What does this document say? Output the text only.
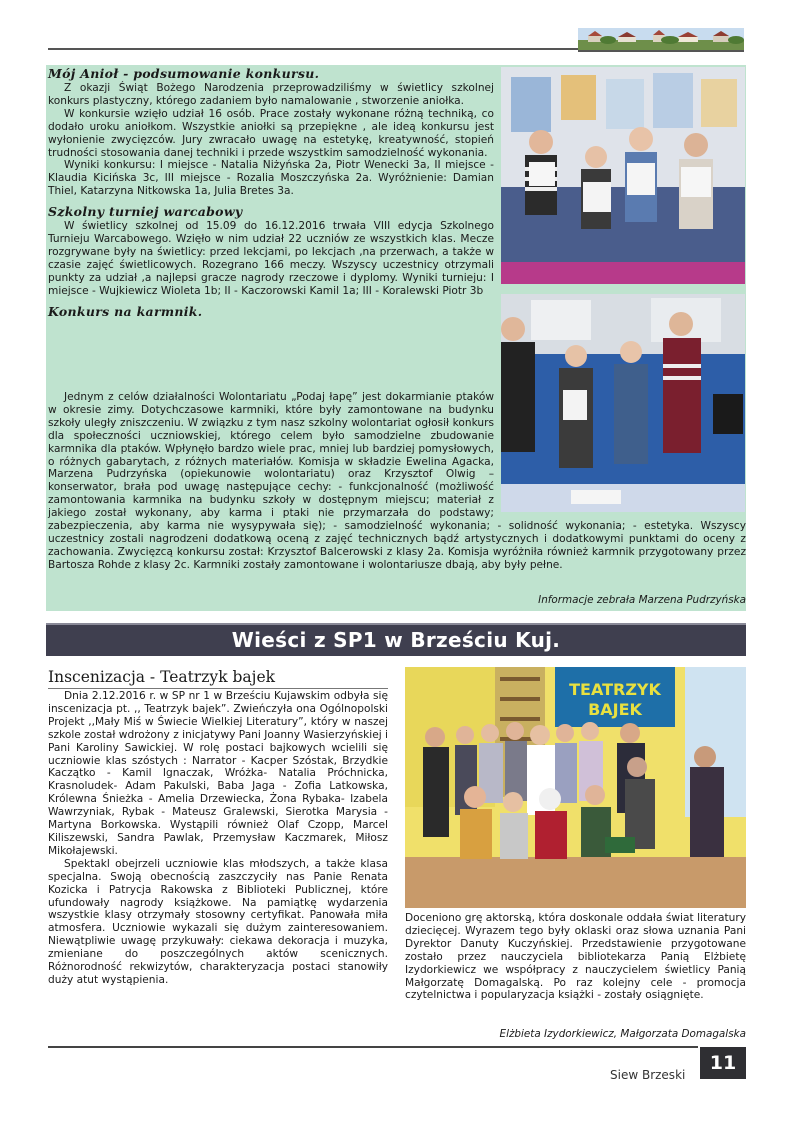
Mój Anioł - podsumowanie konkursu.

Z okazji Świąt Bożego Narodzenia przeprowadziliśmy w świetlicy szkolnej konkurs plastyczny, którego zadaniem było namalowanie , stworzenie aniołka.

W konkursie wzięło udział 16 osób. Prace zostały wykonane różną techniką, co dodało uroku aniołkom. Wszystkie aniołki są przepiękne , ale ideą konkursu jest wyłonienie zwycięzców. Jury zwracało uwagę na estetykę, kreatywność, stopień trudności stosowania danej techniki i przede wszystkim samodzielność wykonania.

Wyniki konkursu: I miejsce - Natalia Niżyńska 2a, Piotr Wenecki 3a, II miejsce - Klaudia Kicińska 3c, III miejsce - Rozalia Moszczyńska 2a. Wyróżnienie: Damian Thiel, Katarzyna Nitkowska 1a, Julia Bretes 3a.

Szkolny turniej warcabowy

W świetlicy szkolnej od 15.09 do 16.12.2016 trwała VIII edycja Szkolnego Turnieju Warcabowego. Wzięło w nim udział 22 uczniów ze wszystkich klas. Mecze rozgrywane były na świetlicy: przed lekcjami, po lekcjach ,na przerwach, a także w czasie zajęć świetlicowych. Rozegrano 166 meczy. Wszyscy uczestnicy otrzymali punkty za udział ,a najlepsi gracze nagrody rzeczowe i dyplomy. Wyniki turnieju: I miejsce - Wujkiewicz Wioleta 1b; II - Kaczorowski Kamil 1a; III - Koralewski Piotr 3b

Konkurs na karmnik.

Jednym z celów działalności Wolontariatu „Podaj łapę” jest dokarmianie ptaków w okresie zimy. Dotychczasowe karmniki, które były zamontowane na budynku szkoły uległy zniszczeniu. W związku z tym nasz szkolny wolontariat ogłosił konkurs dla społeczności uczniowskiej, którego celem było samodzielne zbudowanie karmnika dla ptaków. Wpłynęło bardzo wiele prac, mniej lub bardziej pomysłowych, o różnych gabarytach, z różnych materiałów. Komisja w składzie Ewelina Agacka, Marzena Pudrzyńska (opiekunowie wolontariatu) oraz Krzysztof Olwig – konserwator, brała pod uwagę następujące cechy: - funkcjonalność (możliwość zamontowania karmnika na budynku szkoły w dostępnym miejscu; materiał z jakiego został wykonany, aby karma i ptaki nie przymarzała do podstawy; zabezpieczenia, aby karma nie wysypywała się); - samodzielność wykonania; - solidność wykonania; - estetyka. Wszyscy uczestnicy zostali nagrodzeni dodatkową oceną z zajęć technicznych bądź artystycznych i dodatkowymi punktami do oceny z zachowania. Zwycięzcą konkursu został: Krzysztof Balcerowski z klasy 2a. Komisja wyróżniła również karmnik przygotowany przez Bartosza Rohde z klasy 2c. Karmniki zostały zamontowane i wolontariusze dbają, aby były pełne.

Informacje zebrała Marzena Pudrzyńska
Wieści z SP1 w Brześciu Kuj.
Inscenizacja - Teatrzyk bajek

Dnia 2.12.2016 r. w SP nr 1 w Brześciu Kujawskim odbyła się inscenizacja pt. ,, Teatrzyk bajek”. Zwieńczyła ona Ogólnopolski Projekt ,,Mały Miś w Świecie Wielkiej Literatury”, który w naszej szkole został wdrożony z inicjatywy Pani Joanny Wasierzyńskiej i Pani Karoliny Sawickiej. W rolę postaci bajkowych wcielili się uczniowie klas szóstych : Narrator - Kacper Szóstak, Brzydkie Kaczątko - Kamil Ignaczak, Wróżka- Natalia Próchnicka, Krasnoludek- Adam Pakulski, Baba Jaga - Zofia Latkowska, Królewna Śnieżka - Amelia Drzewiecka, Żona Rybaka- Izabela Wawrzyniak, Rybak - Mateusz Gralewski, Sierotka Marysia - Martyna Borkowska. Wystąpili również Olaf Czopp, Marcel Kiliszewski, Sandra Pawlak, Przemysław Kaczmarek, Miłosz Mikołajewski.

Spektakl obejrzeli uczniowie klas młodszych, a także klasa specjalna. Swoją obecnością zaszczyciły nas Panie Renata Kozicka i Patrycja Rakowska z Biblioteki Publicznej, które ufundowały nagrody książkowe. Na pamiątkę wydarzenia wszystkie klasy otrzymały stosowny certyfikat. Panowała miła atmosfera. Uczniowie wykazali się dużym zainteresowaniem. Niewątpliwie uwagę przykuwały: ciekawa dekoracja i muzyka, zmieniane do poszczególnych aktów scenicznych. Różnorodność rekwizytów, charakteryzacja postaci stanowiły duży atut wystąpienia.

TEATRZYK
BAJEK

Doceniono grę aktorską, która doskonale oddała świat literatury dziecięcej. Wyrazem tego były oklaski oraz słowa uznania Pani Dyrektor Danuty Kuczyńskiej. Przedstawienie przygotowane zostało przez nauczyciela bibliotekarza Panią Elżbietę Izydorkiewicz we współpracy z nauczycielem świetlicy Panią Małgorzatę Domagalską. Po raz kolejny cele - promocja czytelnictwa i popularyzacja książki - zostały osiągnięte.

Elżbieta Izydorkiewicz, Małgorzata Domagalska
Siew Brzeski
11
